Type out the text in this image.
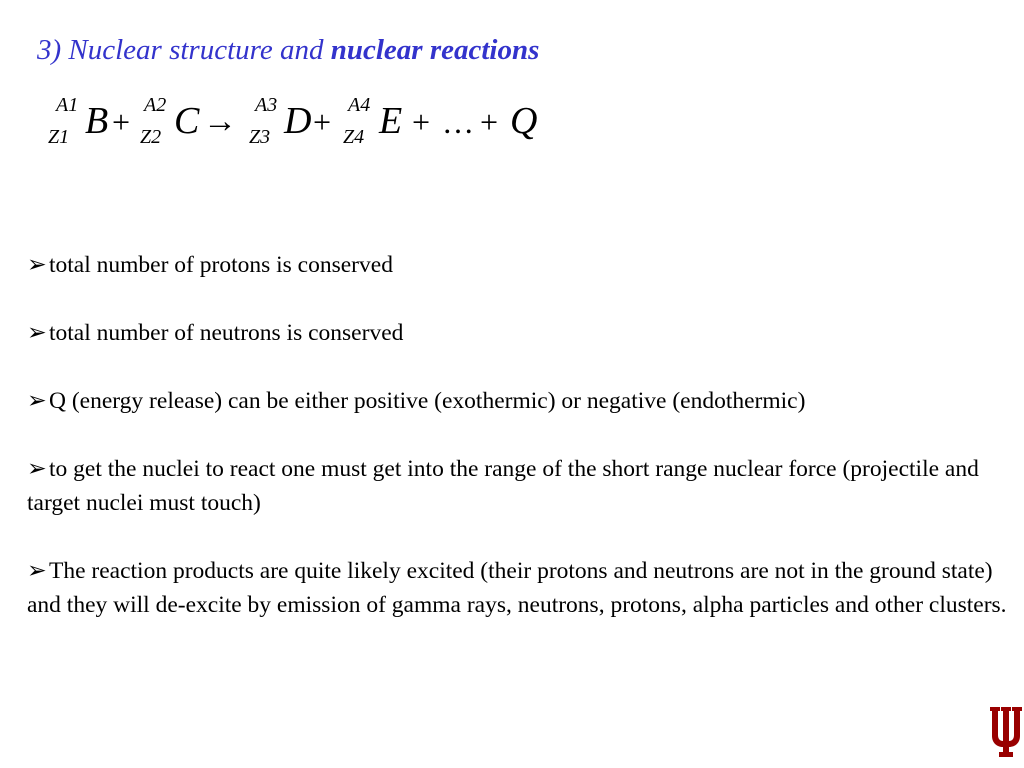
3) Nuclear structure and nuclear reactions
A1
Z1 B + A2
Z2 C → A3
Z3 D + A4
Z4 E + … + Q
➢total number of protons is conserved
➢total number of neutrons is conserved
➢Q (energy release) can be either positive (exothermic) or negative (endothermic)
➢to get the nuclei to react one must get into the range of the short range nuclear force (projectile and target nuclei must touch)
➢The reaction products are quite likely excited (their protons and neutrons are not in the ground state) and they will de-excite by emission of gamma rays, neutrons, protons, alpha particles and other clusters.
